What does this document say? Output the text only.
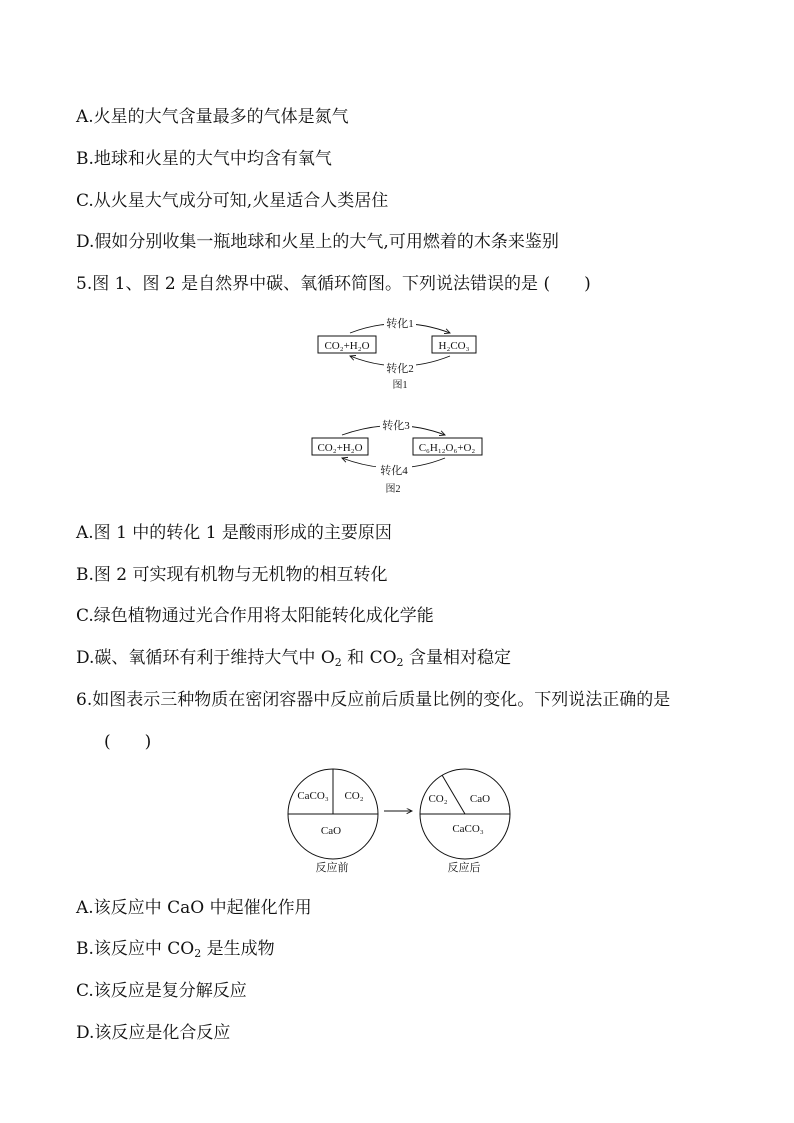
A.火星的大气含量最多的气体是氮气
B.地球和火星的大气中均含有氧气
C.从火星大气成分可知,火星适合人类居住
D.假如分别收集一瓶地球和火星上的大气,可用燃着的木条来鉴别
5.图 1、图 2 是自然界中碳、氧循环简图。下列说法错误的是 (　　)
CO₂+H₂O	H₂CO₃
转化1
转化2
图1
CO₂+H₂O	C₆H₁₂O₆+O₂
转化3
转化4
图2
A.图 1 中的转化 1 是酸雨形成的主要原因
B.图 2 可实现有机物与无机物的相互转化
C.绿色植物通过光合作用将太阳能转化成化学能
D.碳、氧循环有利于维持大气中 $O_2$ 和 $CO_2$ 含量相对稳定
6.如图表示三种物质在密闭容器中反应前后质量比例的变化。下列说法正确的是
(　　)
CaCO₃ CO₂
CaO
反应前
CO₂ CaO
CaCO₃
反应后
A.该反应中 CaO 中起催化作用
B.该反应中 $CO_2$ 是生成物
C.该反应是复分解反应
D.该反应是化合反应
